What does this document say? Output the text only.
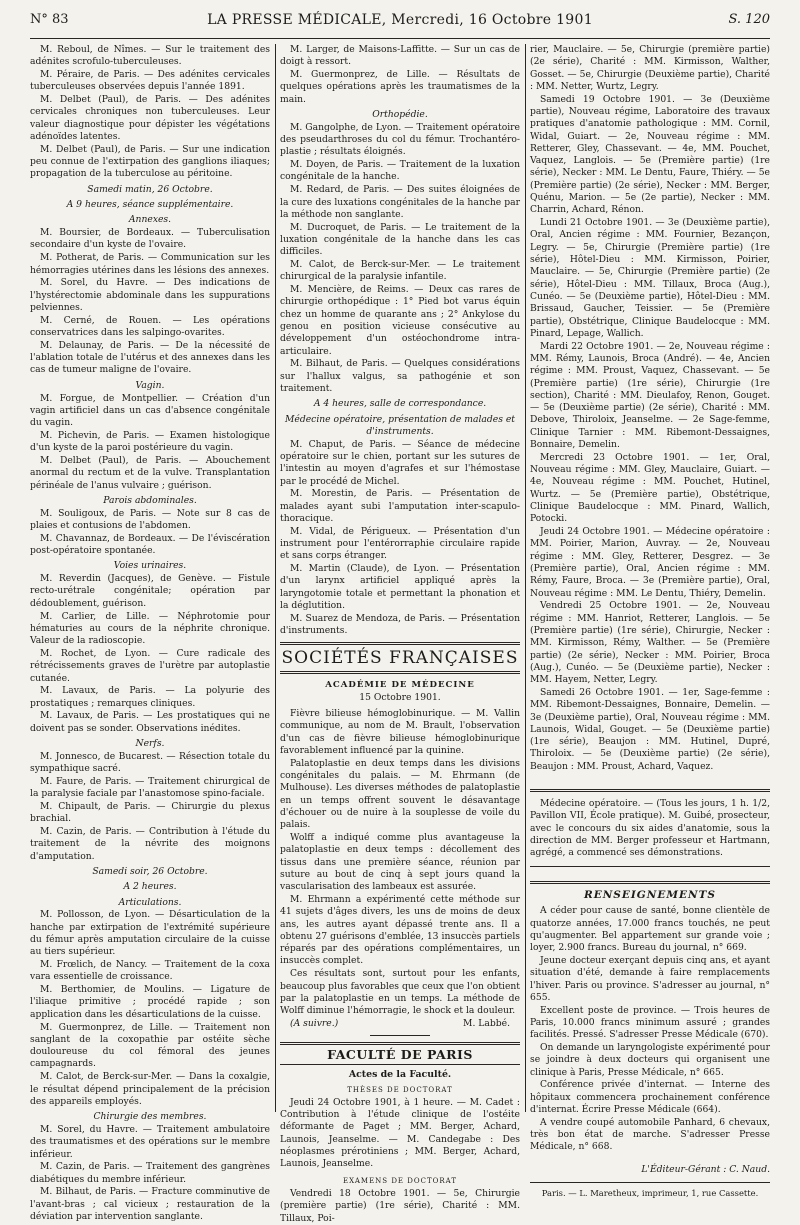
N° 83	LA PRESSE MÉDICALE, Mercredi, 16 Octobre 1901	S. 120

M. Reboul, de Nîmes. — Sur le traitement des adénites scrofulo-tuberculeuses.

M. Péraire, de Paris. — Des adénites cervicales tuberculeuses observées depuis l'année 1891.

M. Delbet (Paul), de Paris. — Des adénites cervicales chroniques non tuberculeuses. Leur valeur diagnostique pour dépister les végétations adénoïdes latentes.

M. Delbet (Paul), de Paris. — Sur une indication peu connue de l'extirpation des ganglions iliaques; propagation de la tuberculose au péritoine.

Samedi matin, 26 Octobre.

A 9 heures, séance supplémentaire.

Annexes.

M. Boursier, de Bordeaux. — Tuberculisation secondaire d'un kyste de l'ovaire.

M. Potherat, de Paris. — Communication sur les hémorragies utérines dans les lésions des annexes.

M. Sorel, du Havre. — Des indications de l'hystérectomie abdominale dans les suppurations pelviennes.

M. Cerné, de Rouen. — Les opérations conservatrices dans les salpingo-ovarites.

M. Delaunay, de Paris. — De la nécessité de l'ablation totale de l'utérus et des annexes dans les cas de tumeur maligne de l'ovaire.

Vagin.

M. Forgue, de Montpellier. — Création d'un vagin artificiel dans un cas d'absence congénitale du vagin.

M. Pichevin, de Paris. — Examen histologique d'un kyste de la paroi postérieure du vagin.

M. Delbet (Paul), de Paris. — Abouchement anormal du rectum et de la vulve. Transplantation périnéale de l'anus vulvaire ; guérison.

Parois abdominales.

M. Souligoux, de Paris. — Note sur 8 cas de plaies et contusions de l'abdomen.

M. Chavannaz, de Bordeaux. — De l'éviscération post-opératoire spontanée.

Voies urinaires.

M. Reverdin (Jacques), de Genève. — Fistule recto-urétrale congénitale; opération par dédoublement, guérison.

M. Carlier, de Lille. — Néphrotomie pour hématuries au cours de la néphrite chronique. Valeur de la radioscopie.

M. Rochet, de Lyon. — Cure radicale des rétrécissements graves de l'urètre par autoplastie cutanée.

M. Lavaux, de Paris. — La polyurie des prostatiques ; remarques cliniques.

M. Lavaux, de Paris. — Les prostatiques qui ne doivent pas se sonder. Observations inédites.

Nerfs.

M. Jonnesco, de Bucarest. — Résection totale du sympathique sacré.

M. Faure, de Paris. — Traitement chirurgical de la paralysie faciale par l'anastomose spino-faciale.

M. Chipault, de Paris. — Chirurgie du plexus brachial.

M. Cazin, de Paris. — Contribution à l'étude du traitement de la névrite des moignons d'amputation.

Samedi soir, 26 Octobre.

A 2 heures.

Articulations.

M. Pollosson, de Lyon. — Désarticulation de la hanche par extirpation de l'extrémité supérieure du fémur après amputation circulaire de la cuisse au tiers supérieur.

M. Frœlich, de Nancy. — Traitement de la coxa vara essentielle de croissance.

M. Berthomier, de Moulins. — Ligature de l'iliaque primitive ; procédé rapide ; son application dans les désarticulations de la cuisse.

M. Guermonprez, de Lille. — Traitement non sanglant de la coxopathie par ostéite sèche douloureuse du col fémoral des jeunes campagnards.

M. Calot, de Berck-sur-Mer. — Dans la coxalgie, le résultat dépend principalement de la précision des appareils employés.

Chirurgie des membres.

M. Sorel, du Havre. — Traitement ambulatoire des traumatismes et des opérations sur le membre inférieur.

M. Cazin, de Paris. — Traitement des gangrènes diabétiques du membre inférieur.

M. Bilhaut, de Paris. — Fracture comminutive de l'avant-bras ; cal vicieux ; restauration de la déviation par intervention sanglante.

M. Larger, de Maisons-Laffitte. — Sur un cas de doigt à ressort.

M. Guermonprez, de Lille. — Résultats de quelques opérations après les traumatismes de la main.

Orthopédie.

M. Gangolphe, de Lyon. — Traitement opératoire des pseudarthroses du col du fémur. Trochantéro-plastie ; résultats éloignés.

M. Doyen, de Paris. — Traitement de la luxation congénitale de la hanche.

M. Redard, de Paris. — Des suites éloignées de la cure des luxations congénitales de la hanche par la méthode non sanglante.

M. Ducroquet, de Paris. — Le traitement de la luxation congénitale de la hanche dans les cas difficiles.

M. Calot, de Berck-sur-Mer. — Le traitement chirurgical de la paralysie infantile.

M. Mencière, de Reims. — Deux cas rares de chirurgie orthopédique : 1° Pied bot varus équin chez un homme de quarante ans ; 2° Ankylose du genou en position vicieuse consécutive au développement d'un ostéochondrome intra-articulaire.

M. Bilhaut, de Paris. — Quelques considérations sur l'hallux valgus, sa pathogénie et son traitement.

A 4 heures, salle de correspondance.

Médecine opératoire, présentation de malades et d'instruments.

M. Chaput, de Paris. — Séance de médecine opératoire sur le chien, portant sur les sutures de l'intestin au moyen d'agrafes et sur l'hémostase par le procédé de Michel.

M. Morestin, de Paris. — Présentation de malades ayant subi l'amputation inter-scapulo-thoracique.

M. Vidal, de Périgueux. — Présentation d'un instrument pour l'entérorraphie circulaire rapide et sans corps étranger.

M. Martin (Claude), de Lyon. — Présentation d'un larynx artificiel appliqué après la laryngotomie totale et permettant la phonation et la déglutition.

M. Suarez de Mendoza, de Paris. — Présentation d'instruments.

SOCIÉTÉS FRANÇAISES
ACADÉMIE DE MÉDECINE
15 Octobre 1901.

Fièvre bilieuse hémoglobinurique. — M. Vallin communique, au nom de M. Brault, l'observation d'un cas de fièvre bilieuse hémoglobinurique favorablement influencé par la quinine.

Palatoplastie en deux temps dans les divisions congénitales du palais. — M. Ehrmann (de Mulhouse). Les diverses méthodes de palatoplastie en un temps offrent souvent le désavantage d'échouer ou de nuire à la souplesse de voile du palais.

Wolff a indiqué comme plus avantageuse la palatoplastie en deux temps : décollement des tissus dans une première séance, réunion par suture au bout de cinq à sept jours quand la vascularisation des lambeaux est assurée.

M. Ehrmann a expérimenté cette méthode sur 41 sujets d'âges divers, les uns de moins de deux ans, les autres ayant dépassé trente ans. Il a obtenu 27 guérisons d'emblée, 13 insuccès partiels réparés par des opérations complémentaires, un insuccès complet.

Ces résultats sont, surtout pour les enfants, beaucoup plus favorables que ceux que l'on obtient par la palatoplastie en un temps. La méthode de Wolff diminue l'hémorragie, le shock et la douleur.

(A suivre.)	M. Labbé.
FACULTÉ DE PARIS
Actes de la Faculté.
THÈSES DE DOCTORAT

Jeudi 24 Octobre 1901, à 1 heure. — M. Cadet : Contribution à l'étude clinique de l'ostéite déformante de Paget ; MM. Berger, Achard, Launois, Jeanselme. — M. Candegabe : Des néoplasmes prérotiniens ; MM. Berger, Achard, Launois, Jeanselme.

EXAMENS DE DOCTORAT

Vendredi 18 Octobre 1901. — 5e, Chirurgie (première partie) (1re série), Charité : MM. Tillaux, Poi-

rier, Mauclaire. — 5e, Chirurgie (première partie) (2e série), Charité : MM. Kirmisson, Walther, Gosset. — 5e, Chirurgie (Deuxième partie), Charité : MM. Netter, Wurtz, Legry.

Samedi 19 Octobre 1901. — 3e (Deuxième partie), Nouveau régime, Laboratoire des travaux pratiques d'anatomie pathologique : MM. Cornil, Widal, Guiart. — 2e, Nouveau régime : MM. Retterer, Gley, Chassevant. — 4e, MM. Pouchet, Vaquez, Langlois. — 5e (Première partie) (1re série), Necker : MM. Le Dentu, Faure, Thiéry. — 5e (Première partie) (2e série), Necker : MM. Berger, Quénu, Marion. — 5e (2e partie), Necker : MM. Charrin, Achard, Rénon.

Lundi 21 Octobre 1901. — 3e (Deuxième partie), Oral, Ancien régime : MM. Fournier, Bezançon, Legry. — 5e, Chirurgie (Première partie) (1re série), Hôtel-Dieu : MM. Kirmisson, Poirier, Mauclaire. — 5e, Chirurgie (Première partie) (2e série), Hôtel-Dieu : MM. Tillaux, Broca (Aug.), Cunéo. — 5e (Deuxième partie), Hôtel-Dieu : MM. Brissaud, Gaucher, Teissier. — 5e (Première partie), Obstétrique, Clinique Baudelocque : MM. Pinard, Lepage, Wallich.

Mardi 22 Octobre 1901. — 2e, Nouveau régime : MM. Rémy, Launois, Broca (André). — 4e, Ancien régime : MM. Proust, Vaquez, Chassevant. — 5e (Première partie) (1re série), Chirurgie (1re section), Charité : MM. Dieulafoy, Renon, Gouget. — 5e (Deuxième partie) (2e série), Charité : MM. Debove, Thiroloix, Jeanselme. — 2e Sage-femme, Clinique Tarnier : MM. Ribemont-Dessaignes, Bonnaire, Demelin.

Mercredi 23 Octobre 1901. — 1er, Oral, Nouveau régime : MM. Gley, Mauclaire, Guiart. — 4e, Nouveau régime : MM. Pouchet, Hutinel, Wurtz. — 5e (Première partie), Obstétrique, Clinique Baudelocque : MM. Pinard, Wallich, Potocki.

Jeudi 24 Octobre 1901. — Médecine opératoire : MM. Poirier, Marion, Auvray. — 2e, Nouveau régime : MM. Gley, Retterer, Desgrez. — 3e (Première partie), Oral, Ancien régime : MM. Rémy, Faure, Broca. — 3e (Première partie), Oral, Nouveau régime : MM. Le Dentu, Thiéry, Demelin.

Vendredi 25 Octobre 1901. — 2e, Nouveau régime : MM. Hanriot, Retterer, Langlois. — 5e (Première partie) (1re série), Chirurgie, Necker : MM. Kirmisson, Rémy, Walther. — 5e (Première partie) (2e série), Necker : MM. Poirier, Broca (Aug.), Cunéo. — 5e (Deuxième partie), Necker : MM. Hayem, Netter, Legry.

Samedi 26 Octobre 1901. — 1er, Sage-femme : MM. Ribemont-Dessaignes, Bonnaire, Demelin. — 3e (Deuxième partie), Oral, Nouveau régime : MM. Launois, Widal, Gouget. — 5e (Deuxième partie) (1re série), Beaujon : MM. Hutinel, Dupré, Thiroloix. — 5e (Deuxième partie) (2e série), Beaujon : MM. Proust, Achard, Vaquez.

Médecine opératoire. — (Tous les jours, 1 h. 1/2, Pavillon VII, École pratique). M. Guibé, prosecteur, avec le concours du six aides d'anatomie, sous la direction de MM. Berger professeur et Hartmann, agrégé, a commencé ses démonstrations.

RENSEIGNEMENTS

A céder pour cause de santé, bonne clientèle de quatorze années, 17.000 francs touchés, ne peut qu'augmenter. Bel appartement sur grande voie ; loyer, 2.900 francs. Bureau du journal, n° 669.

Jeune docteur exerçant depuis cinq ans, et ayant situation d'été, demande à faire remplacements l'hiver. Paris ou province. S'adresser au journal, n° 655.

Excellent poste de province. — Trois heures de Paris, 10.000 francs minimum assuré ; grandes facilités. Pressé. S'adresser Presse Médicale (670).

On demande un laryngologiste expérimenté pour se joindre à deux docteurs qui organisent une clinique à Paris, Presse Médicale, n° 665.

Conférence privée d'internat. — Interne des hôpitaux commencera prochainement conférence d'internat. Écrire Presse Médicale (664).

A vendre coupé automobile Panhard, 6 chevaux, très bon état de marche. S'adresser Presse Médicale, n° 668.

L'Éditeur-Gérant : C. Naud.
Paris. — L. Maretheux, imprimeur, 1, rue Cassette.
